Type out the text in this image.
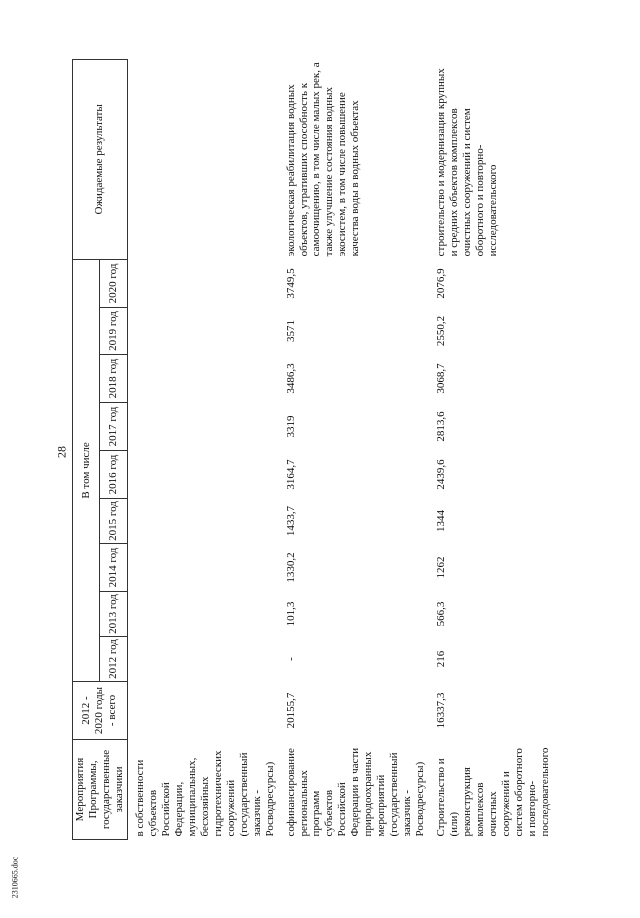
28
Мероприятия Программы, государственные заказчики	2012 - 2020 годы - всего	В том числе									Ожидаемые результаты
		2012 год	2013 год	2014 год	2015 год	2016 год	2017 год	2018 год	2019 год	2020 год	
в собственности субъектов Российской Федерации, муниципальных, бесхозяйных гидротехнических сооружений (государственный заказчик - Росводресурсы)											
софинансирование региональных программ субъектов Российской Федерации в части природоохранных мероприятий (государственный заказчик - Росводресурсы)	20155,7	-	101,3	1330,2	1433,7	3164,7	3319	3486,3	3571	3749,5	экологическая реабилитация водных объектов, утративших способность к самоочищению, в том числе малых рек, а также улучшение состояния водных экосистем, в том числе повышение качества воды в водных объектах
Строительство и (или) реконструкция комплексов очистных сооружений и систем оборотного и повторно-последовательного	16337,3	216	566,3	1262	1344	2439,6	2813,6	3068,7	2550,2	2076,9	строительство и модернизация крупных и средних объектов комплексов очистных сооружений и систем оборотного и повторно-исследовательского
2310665.doc
